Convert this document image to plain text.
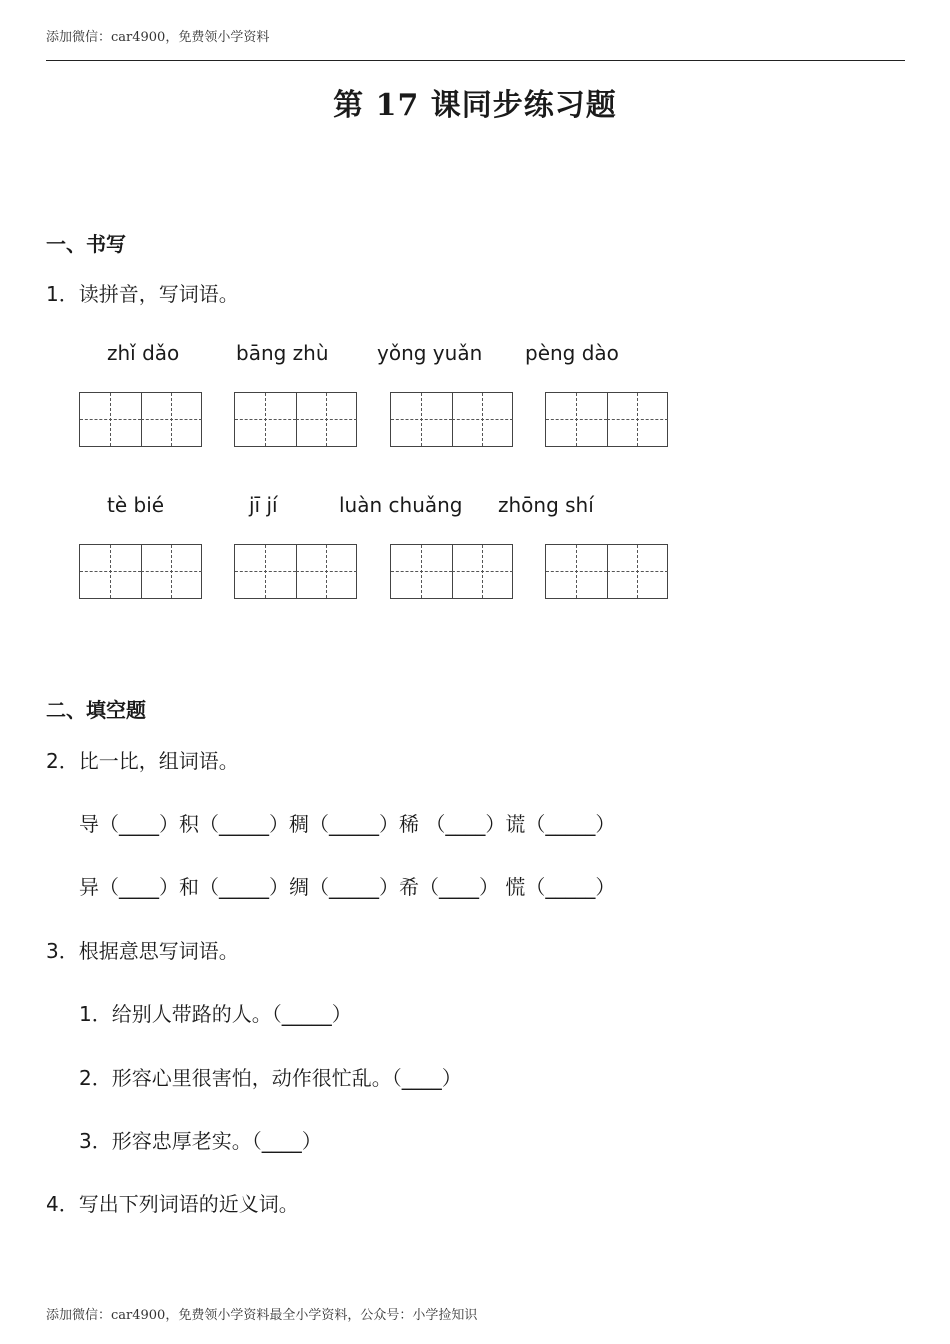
添加微信：car4900，免费领小学资料

第 17 课同步练习题

一、书写

1．读拼音，写词语。

zhǐ dǎo	bāng zhù yǒng yuǎn pèng dào
tè bié	jī jí	luàn chuǎng zhōng shí

二、填空题

2．比一比，组词语。

导（____）积（_____）稠（_____）稀 （____）谎（_____）

异（____）和（_____）绸（_____）希（____） 慌（_____）

3．根据意思写词语。

1．给别人带路的人。（_____）

2．形容心里很害怕，动作很忙乱。（____）

3．形容忠厚老实。（____）

4．写出下列词语的近义词。

添加微信：car4900，免费领小学资料最全小学资料，公众号：小学捡知识
